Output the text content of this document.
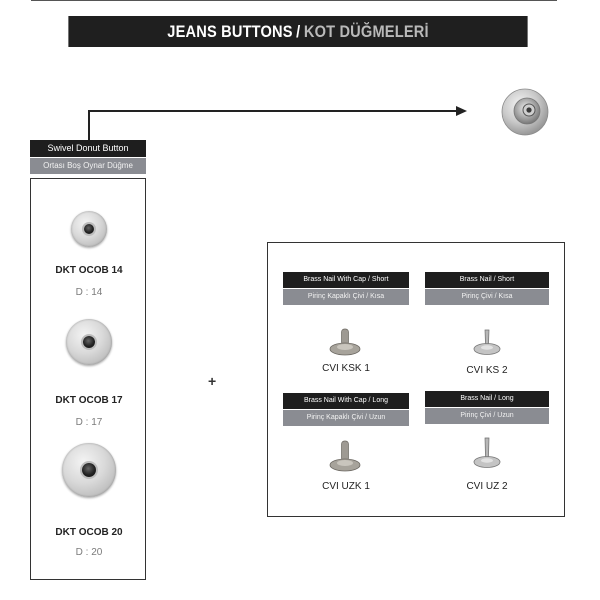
JEANS BUTTONS / KOT DÜĞMELERİ
Swivel Donut Button
Ortası Boş Oynar Düğme
DKT OCOB 14
D : 14
DKT OCOB 17
D : 17
DKT OCOB 20
D : 20
+
Brass Nail With Cap / Short
Pirinç Kapaklı Çivi / Kısa
CVI KSK 1
Brass Nail / Short
Pirinç Çivi / Kısa
CVI KS 2
Brass Nail With Cap / Long
Pirinç Kapaklı Çivi / Uzun
CVI UZK 1
Brass Nail / Long
Pirinç Çivi / Uzun
CVI UZ 2
